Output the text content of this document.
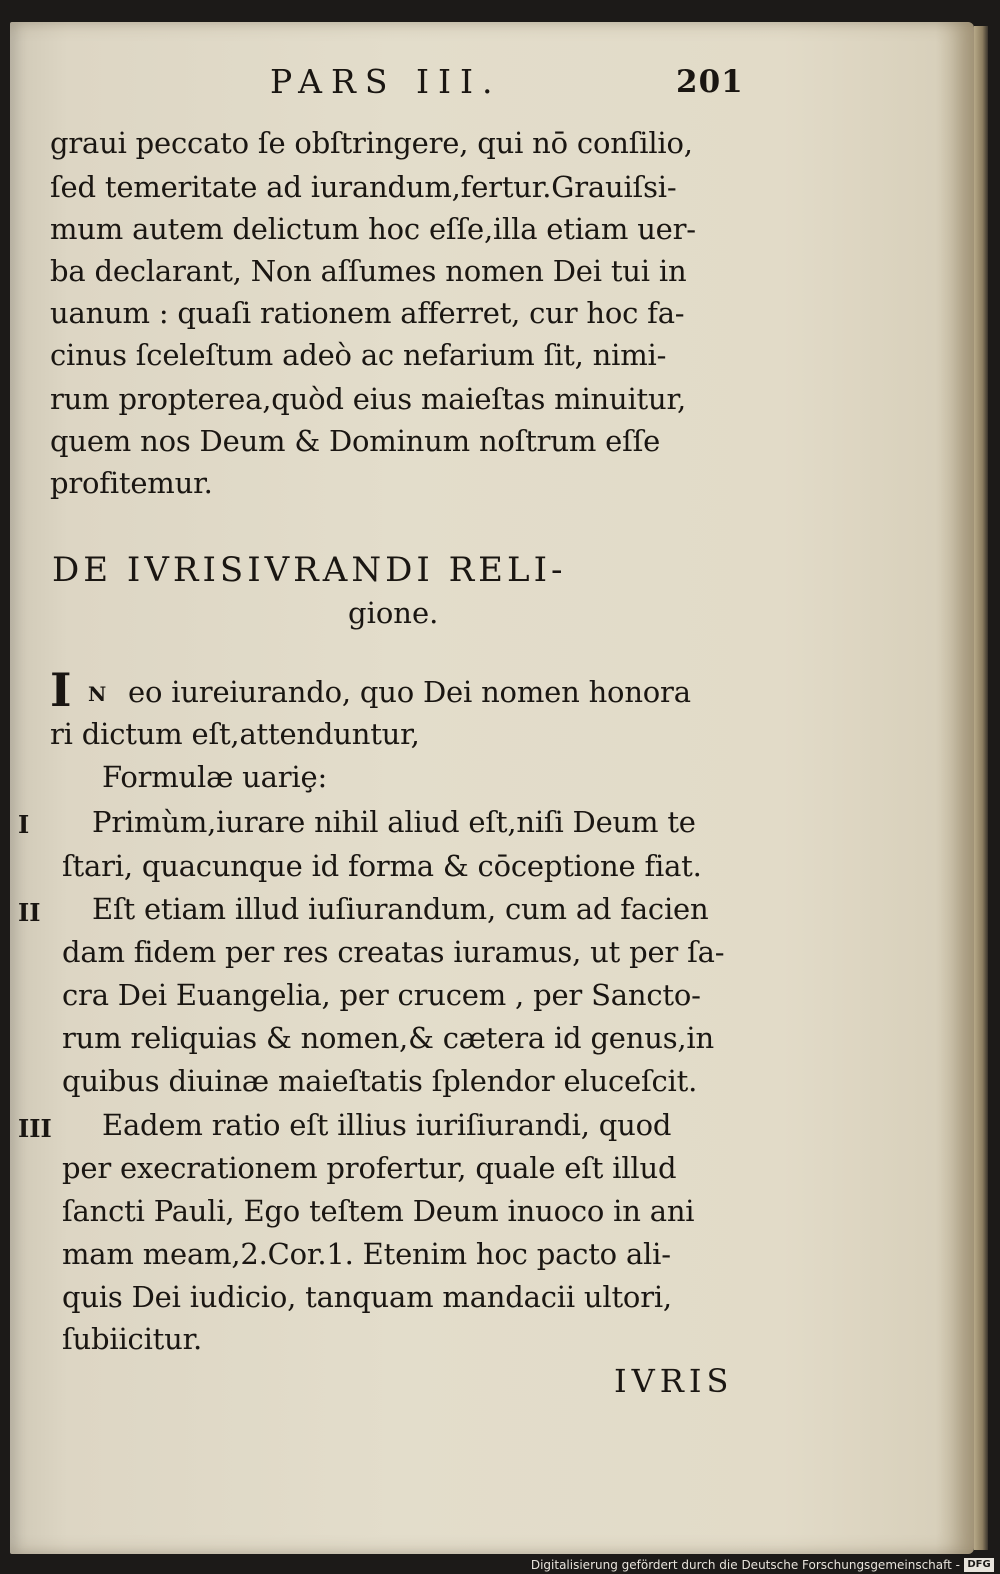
PARS III.	201
graui peccato ſe obſtringere, qui nō conſilio,
ſed temeritate ad iurandum,fertur.Grauiſsi-
mum autem delictum hoc eſſe,illa etiam uer-
ba declarant, Non aſſumes nomen Dei tui in
uanum : quaſi rationem afferret, cur hoc fa-
cinus ſceleſtum adeò ac nefarium ſit, nimi-
rum propterea,quòd eius maieſtas minuitur,
quem nos Deum & Dominum noſtrum eſſe
profitemur.
DE IVRISIVRANDI RELI-
gione.
I N eo iureiurando, quo Dei nomen honora
ri dictum eſt,attenduntur,
Formulæ uariȩ:
I Primùm,iurare nihil aliud eſt,niſi Deum te
ſtari, quacunque id forma & cōceptione fiat.
II Eſt etiam illud iuſiurandum, cum ad facien
dam fidem per res creatas iuramus, ut per ſa-
cra Dei Euangelia, per crucem , per Sancto-
rum reliquias & nomen,& cætera id genus,in
quibus diuinæ maieſtatis ſplendor eluceſcit.
III Eadem ratio eſt illius iuriſiurandi, quod
per execrationem profertur, quale eſt illud
ſancti Pauli, Ego teſtem Deum inuoco in ani
mam meam,2.Cor.1. Etenim hoc pacto ali-
quis Dei iudicio, tanquam mandacii ultori,
ſubiicitur.
IVRIS
Digitalisierung gefördert durch die Deutsche Forschungsgemeinschaft - DFG
